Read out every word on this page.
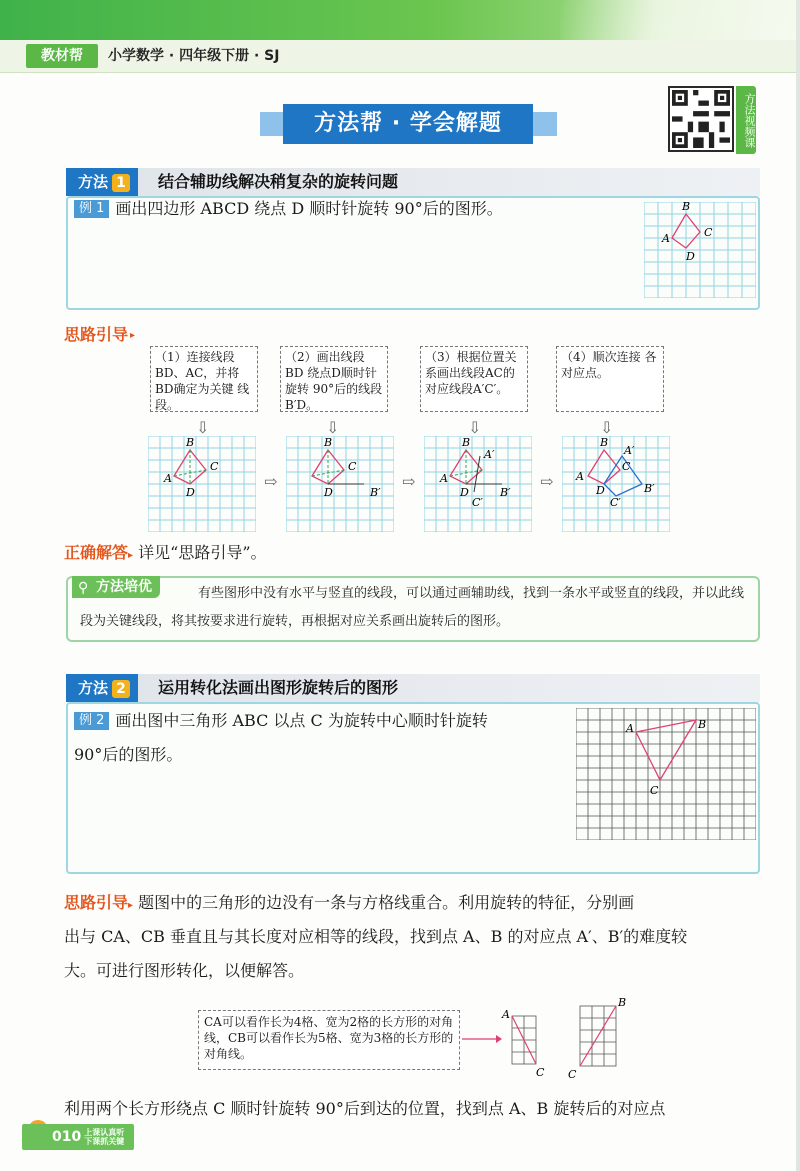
教材帮	小学数学 · 四年级下册 · SJ
方法帮 · 学会解题	方法视频课
方法 1	结合辅助线解决稍复杂的旋转问题
例 1 画出四边形 ABCD 绕点 D 顺时针旋转 90°后的图形。	B
A	C
D
思路引导 ▸
（1）连接线段 BD、AC，并将 BD确定为关键 线段。
（2）画出线段BD 绕点D顺时针旋转 90°后的线段B′D。
（3）根据位置关 系画出线段AC的 对应线段A′C′。
（4）顺次连接 各对应点。
⇩	⇩	⇩	⇩
⇨	⇨	⇨
B
A
C
D
B
C
D	B′
B
A
A′
D	B′
C′
B
A
A′
C
D	B′
C′
正确解答▸ 详见“思路引导”。
⚲ 方法培优	有些图形中没有水平与竖直的线段，可以通过画辅助线，找到一条水平或竖直的线段，并以此线段为关键线段，将其按要求进行旋转，再根据对应关系画出旋转后的图形。
方法 2	运用转化法画出图形旋转后的图形
例 2 画出图中三角形 ABC 以点 C 为旋转中心顺时针旋转
90°后的图形。
A	B
C
思路引导▸ 题图中的三角形的边没有一条与方格线重合。利用旋转的特征，分别画
出与 CA、CB 垂直且与其长度对应相等的线段，找到点 A、B 的对应点 A′、B′的难度较
大。可进行图形转化，以便解答。
CA可以看作长为4格、宽为2格的长方形的对角线，CB可以看作长为5格、宽为3格的长方形的对角线。
A
C
B
C
利用两个长方形绕点 C 顺时针旋转 90°后到达的位置，找到点 A、B 旋转后的对应点
010 上课认真听 下课抓关键
